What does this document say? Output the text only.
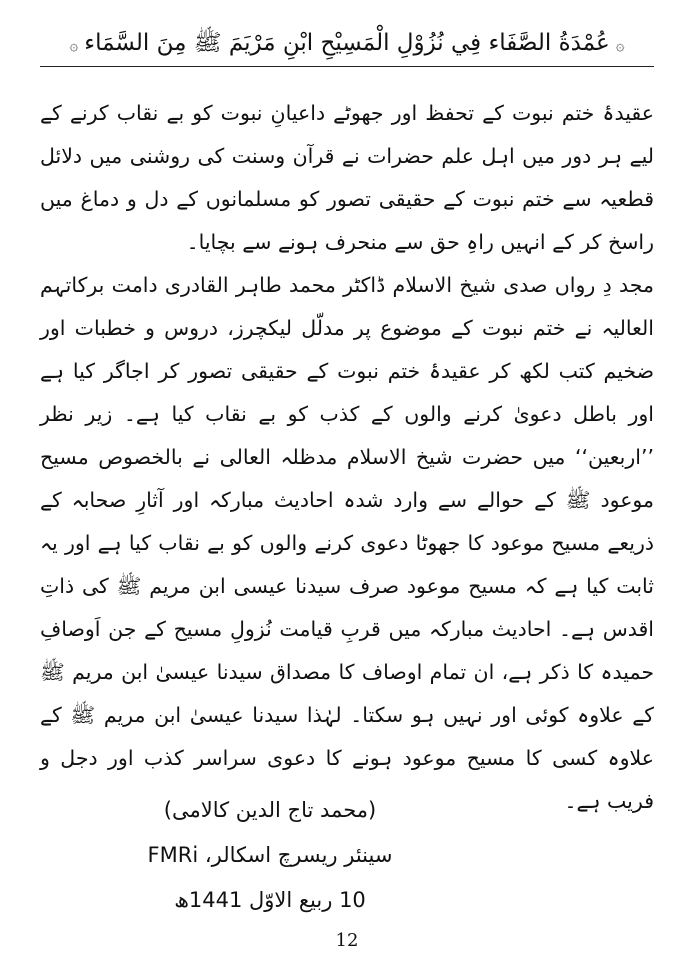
۞
عُمْدَةُ الصَّفَاء فِي نُزُوْلِ الْمَسِيْحِ ابْنِ مَرْيَمَ ﷺ مِنَ السَّمَاء
۞

عقیدۂ ختم نبوت کے تحفظ اور جھوٹے داعیانِ نبوت کو بے نقاب کرنے کے لیے ہر دور میں اہل علم حضرات نے قرآن وسنت کی روشنی میں دلائل قطعیہ سے ختم نبوت کے حقیقی تصور کو مسلمانوں کے دل و دماغ میں راسخ کر کے انہیں راہِ حق سے منحرف ہونے سے بچایا۔

مجد دِ رواں صدی شیخ الاسلام ڈاکٹر محمد طاہر القادری دامت برکاتہم العالیہ نے ختم نبوت کے موضوع پر مدلّل لیکچرز، دروس و خطبات اور ضخیم کتب لکھ کر عقیدۂ ختم نبوت کے حقیقی تصور کر اجاگر کیا ہے اور باطل دعویٰ کرنے والوں کے کذب کو بے نقاب کیا ہے۔ زیر نظر ’’اربعین‘‘ میں حضرت شیخ الاسلام مدظلہ العالی نے بالخصوص مسیح موعود ﷺ کے حوالے سے وارد شدہ احادیث مبارکہ اور آثارِ صحابہ کے ذریعے مسیح موعود کا جھوٹا دعوی کرنے والوں کو بے نقاب کیا ہے اور یہ ثابت کیا ہے کہ مسیح موعود صرف سیدنا عیسی ابن مریم ﷺ کی ذاتِ اقدس ہے۔ احادیث مبارکہ میں قربِ قیامت نُزولِ مسیح کے جن اَوصافِ حمیدہ کا ذکر ہے، ان تمام اوصاف کا مصداق سیدنا عیسیٰ ابن مریم ﷺ کے علاوہ کوئی اور نہیں ہو سکتا۔ لہٰذا سیدنا عیسیٰ ابن مریم ﷺ کے علاوہ کسی کا مسیح موعود ہونے کا دعوی سراسر کذب اور دجل و فریب ہے۔

(محمد تاج الدین کالامی)
سینئر ریسرچ اسکالر، FMRi
10 ربیع الاوّل 1441ھ
12
